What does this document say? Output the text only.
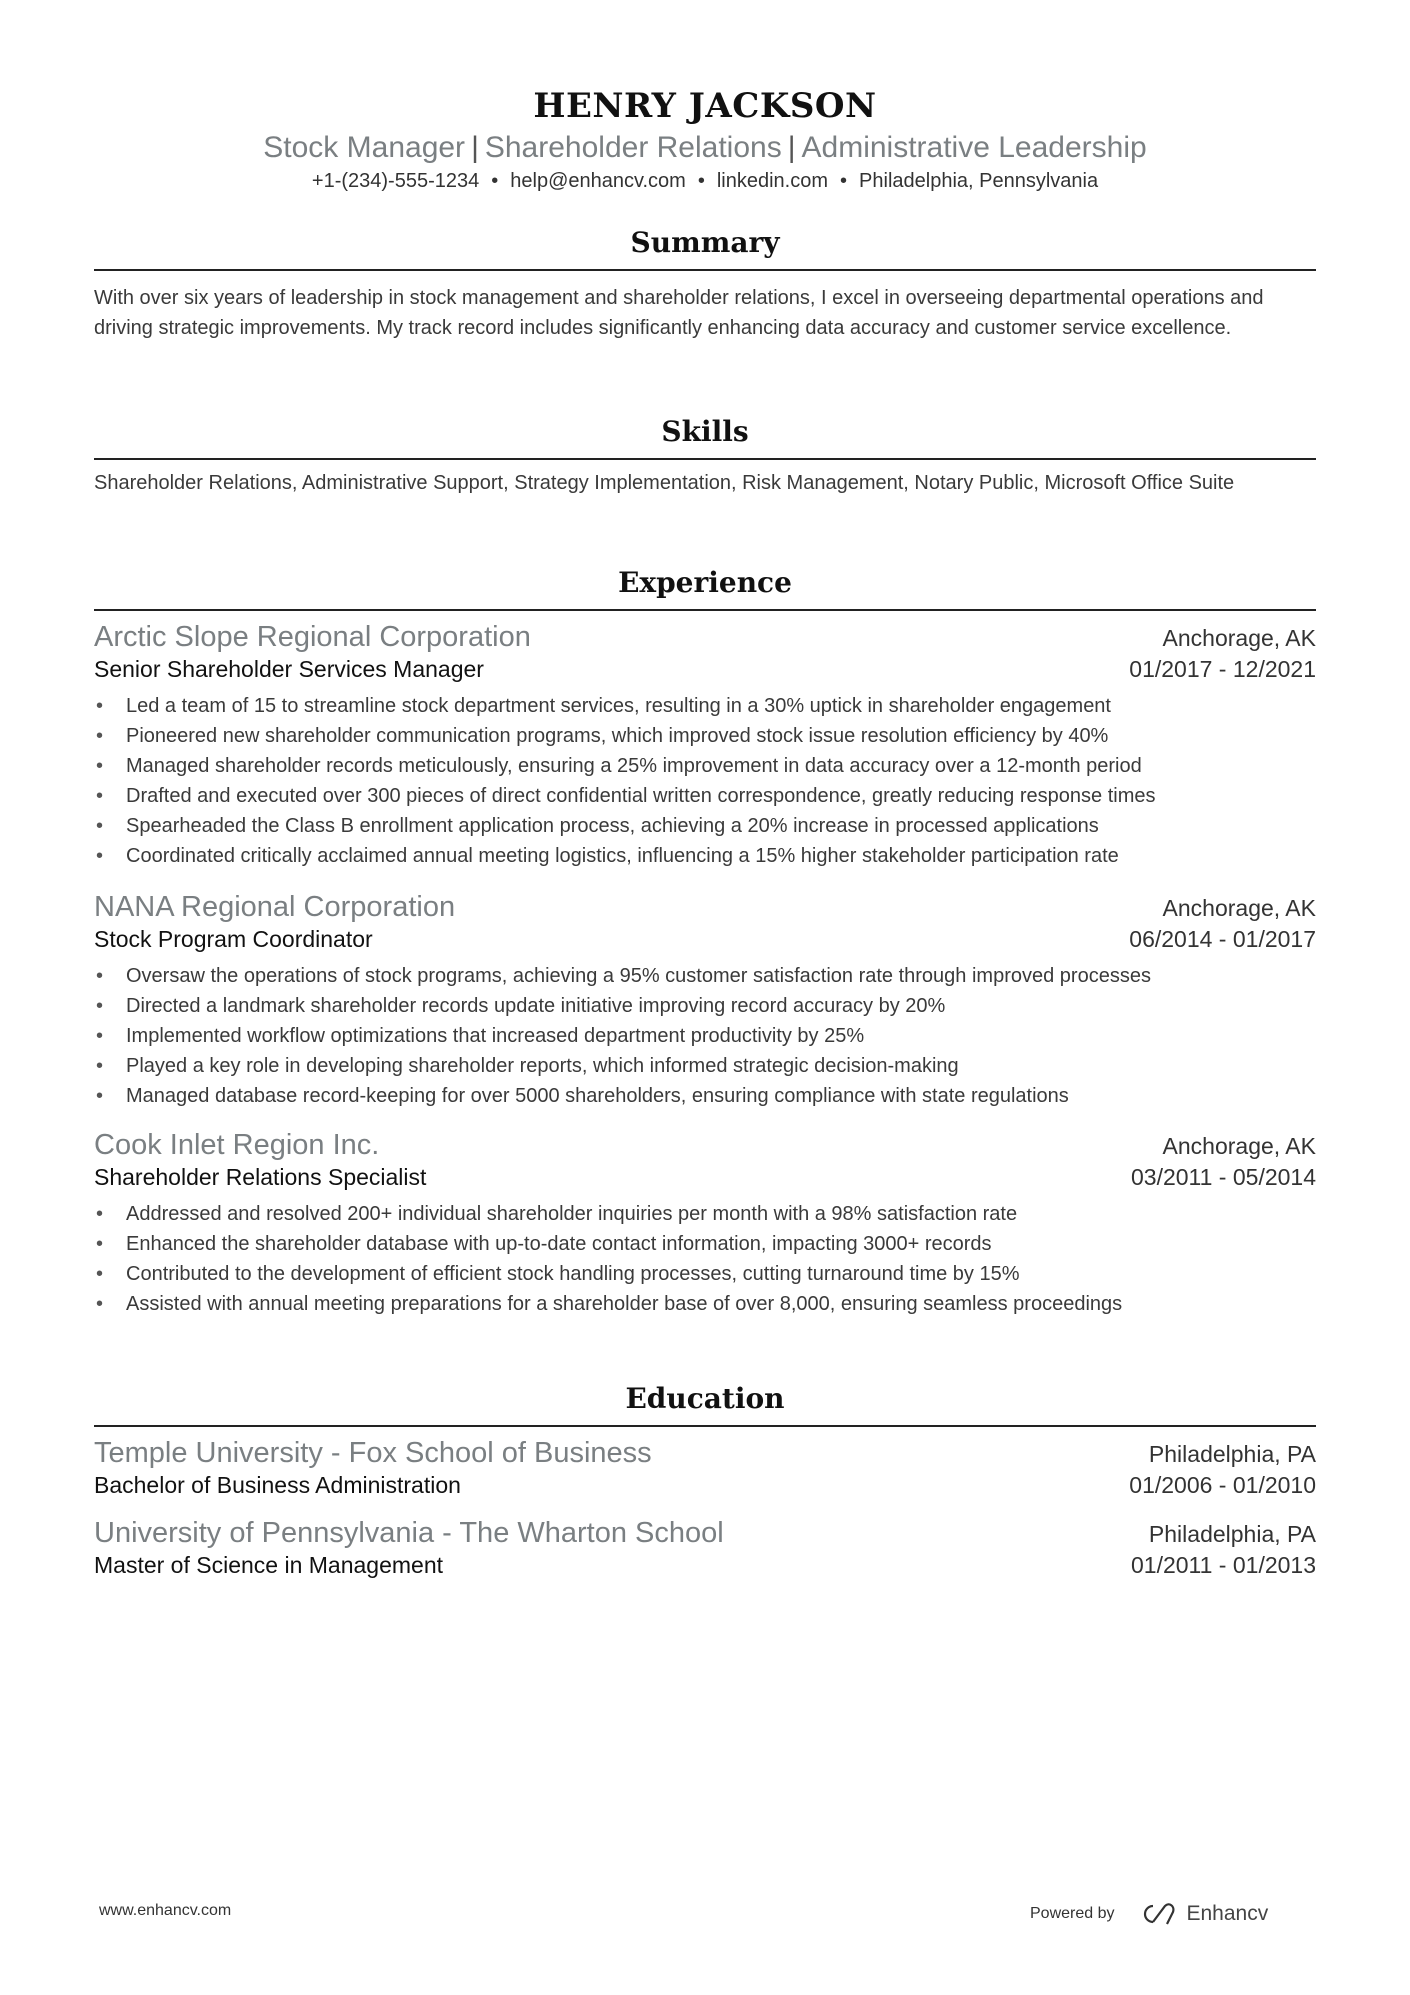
HENRY JACKSON
Stock Manager | Shareholder Relations | Administrative Leadership
+1-(234)-555-1234 • help@enhancv.com • linkedin.com • Philadelphia, Pennsylvania
Summary
With over six years of leadership in stock management and shareholder relations, I excel in overseeing departmental operations and driving strategic improvements. My track record includes significantly enhancing data accuracy and customer service excellence.
Skills
Shareholder Relations, Administrative Support, Strategy Implementation, Risk Management, Notary Public, Microsoft Office Suite
Experience
Arctic Slope Regional Corporation	Anchorage, AK
Senior Shareholder Services Manager	01/2017 - 12/2021
• Led a team of 15 to streamline stock department services, resulting in a 30% uptick in shareholder engagement
• Pioneered new shareholder communication programs, which improved stock issue resolution efficiency by 40%
• Managed shareholder records meticulously, ensuring a 25% improvement in data accuracy over a 12-month period
• Drafted and executed over 300 pieces of direct confidential written correspondence, greatly reducing response times
• Spearheaded the Class B enrollment application process, achieving a 20% increase in processed applications
• Coordinated critically acclaimed annual meeting logistics, influencing a 15% higher stakeholder participation rate
NANA Regional Corporation	Anchorage, AK
Stock Program Coordinator	06/2014 - 01/2017
• Oversaw the operations of stock programs, achieving a 95% customer satisfaction rate through improved processes
• Directed a landmark shareholder records update initiative improving record accuracy by 20%
• Implemented workflow optimizations that increased department productivity by 25%
• Played a key role in developing shareholder reports, which informed strategic decision-making
• Managed database record-keeping for over 5000 shareholders, ensuring compliance with state regulations
Cook Inlet Region Inc.	Anchorage, AK
Shareholder Relations Specialist	03/2011 - 05/2014
• Addressed and resolved 200+ individual shareholder inquiries per month with a 98% satisfaction rate
• Enhanced the shareholder database with up-to-date contact information, impacting 3000+ records
• Contributed to the development of efficient stock handling processes, cutting turnaround time by 15%
• Assisted with annual meeting preparations for a shareholder base of over 8,000, ensuring seamless proceedings
Education
Temple University - Fox School of Business	Philadelphia, PA
Bachelor of Business Administration	01/2006 - 01/2010
University of Pennsylvania - The Wharton School	Philadelphia, PA
Master of Science in Management	01/2011 - 01/2013
www.enhancv.com	Powered by	Enhancv
